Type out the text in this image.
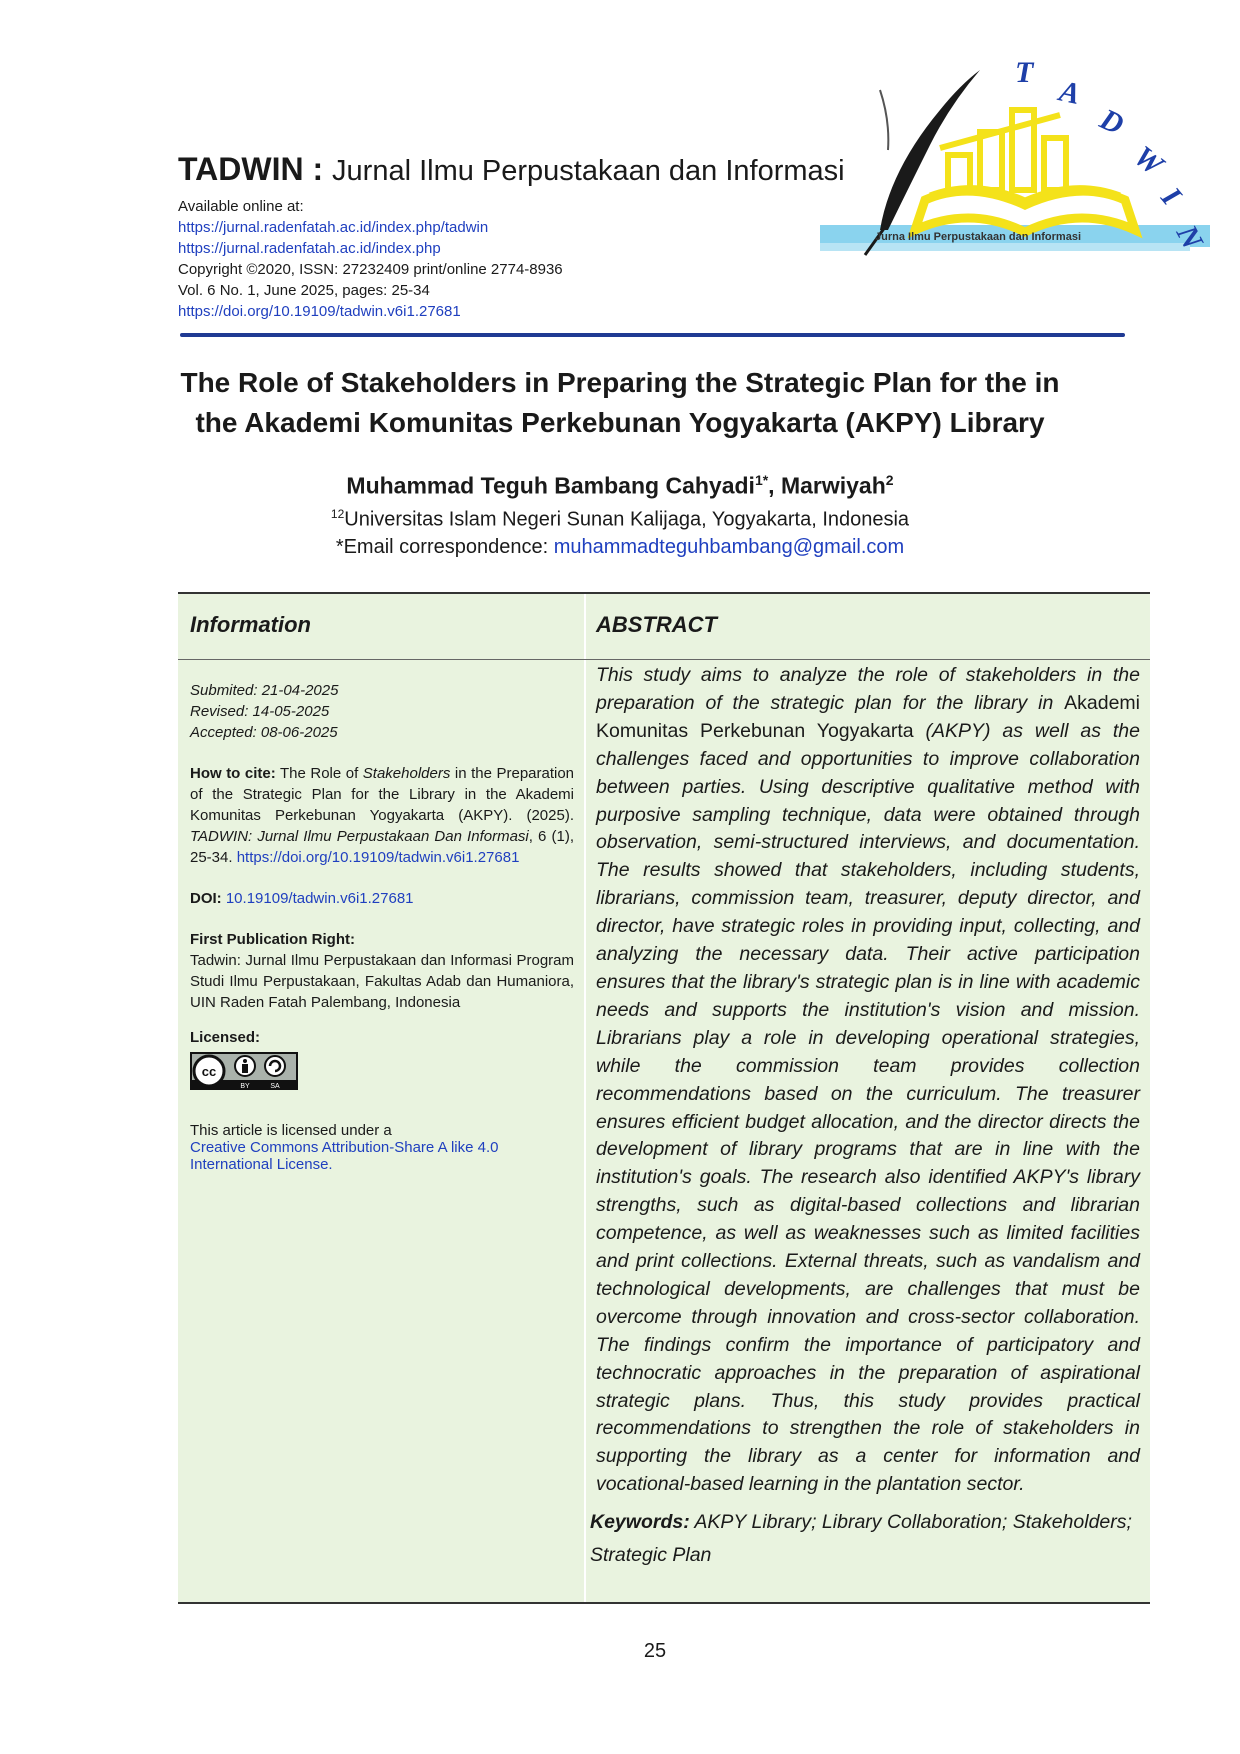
TADWIN : Jurnal Ilmu Perpustakaan dan Informasi
Available online at:
https://jurnal.radenfatah.ac.id/index.php/tadwin
https://jurnal.radenfatah.ac.id/index.php
Copyright ©2020, ISSN: 27232409 print/online 2774-8936
Vol. 6 No. 1, June 2025, pages: 25-34
https://doi.org/10.19109/tadwin.v6i1.27681
Jurna Ilmu Perpustakaan dan Informasi
T
A
D
W
I
N
The Role of Stakeholders in Preparing the Strategic Plan for the in
the Akademi Komunitas Perkebunan Yogyakarta (AKPY) Library
Muhammad Teguh Bambang Cahyadi$^{1*}$, Marwiyah$^2$
$^{12}$Universitas Islam Negeri Sunan Kalijaga, Yogyakarta, Indonesia
*Email correspondence: muhammadteguhbambang@gmail.com
Information	ABSTRACT
Submited: 21-04-2025
Revised: 14-05-2025
Accepted: 08-06-2025
How to cite: The Role of Stakeholders in the Preparation of the Strategic Plan for the Library in the Akademi Komunitas Perkebunan Yogyakarta (AKPY). (2025). TADWIN: Jurnal Ilmu Perpustakaan Dan Informasi, 6 (1), 25-34. https://doi.org/10.19109/tadwin.v6i1.27681
DOI: 10.19109/tadwin.v6i1.27681
First Publication Right:
Tadwin: Jurnal Ilmu Perpustakaan dan Informasi Program Studi Ilmu Perpustakaan, Fakultas Adab dan Humaniora, UIN Raden Fatah Palembang, Indonesia
Licensed:
cc
BY	SA
This article is licensed under a
Creative Commons Attribution-Share A like 4.0 International License.
This study aims to analyze the role of stakeholders in the preparation of the strategic plan for the library in Akademi Komunitas Perkebunan Yogyakarta (AKPY) as well as the challenges faced and opportunities to improve collaboration between parties. Using descriptive qualitative method with purposive sampling technique, data were obtained through observation, semi-structured interviews, and documentation. The results showed that stakeholders, including students, librarians, commission team, treasurer, deputy director, and director, have strategic roles in providing input, collecting, and analyzing the necessary data. Their active participation ensures that the library's strategic plan is in line with academic needs and supports the institution's vision and mission. Librarians play a role in developing operational strategies, while the commission team provides collection recommendations based on the curriculum. The treasurer ensures efficient budget allocation, and the director directs the development of library programs that are in line with the institution's goals. The research also identified AKPY's library strengths, such as digital-based collections and librarian competence, as well as weaknesses such as limited facilities and print collections. External threats, such as vandalism and technological developments, are challenges that must be overcome through innovation and cross-sector collaboration. The findings confirm the importance of participatory and technocratic approaches in the preparation of aspirational strategic plans. Thus, this study provides practical recommendations to strengthen the role of stakeholders in supporting the library as a center for information and vocational-based learning in the plantation sector.
Keywords: AKPY Library; Library Collaboration; Stakeholders; Strategic Plan
25
